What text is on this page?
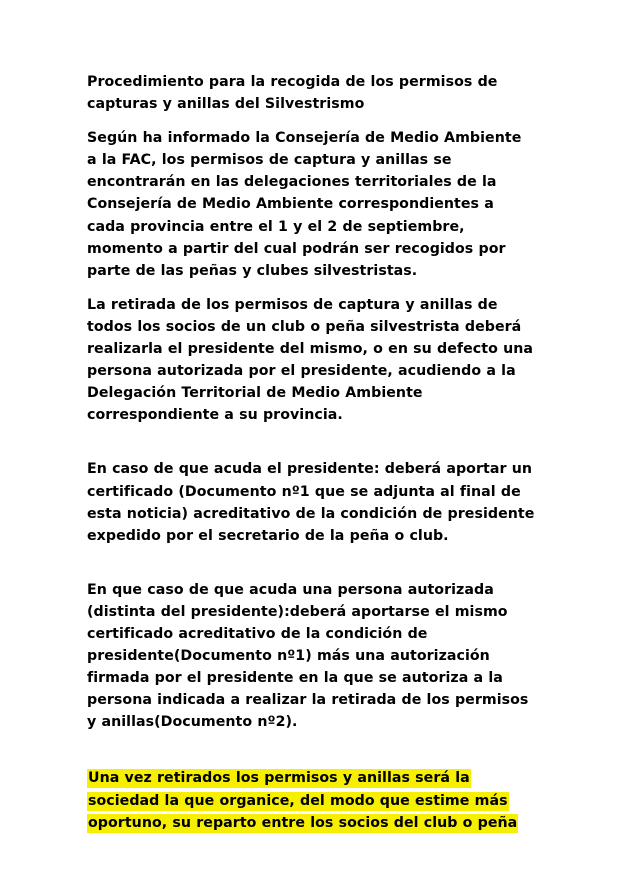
Procedimiento para la recogida de los permisos de capturas y anillas del Silvestrismo

Según ha informado la Consejería de Medio Ambiente a la FAC, los permisos de captura y anillas se encontrarán en las delegaciones territoriales de la Consejería de Medio Ambiente correspondientes a cada provincia entre el 1 y el 2 de septiembre, momento a partir del cual podrán ser recogidos por parte de las peñas y clubes silvestristas.

La retirada de los permisos de captura y anillas de todos los socios de un club o peña silvestrista deberá realizarla el presidente del mismo, o en su defecto una persona autorizada por el presidente, acudiendo a la Delegación Territorial de Medio Ambiente correspondiente a su provincia.

En caso de que acuda el presidente: deberá aportar un certificado (Documento nº1 que se adjunta al final de esta noticia) acreditativo de la condición de presidente expedido por el secretario de la peña o club.

En que caso de que acuda una persona autorizada (distinta del presidente):deberá aportarse el mismo certificado acreditativo de la condición de presidente(Documento nº1) más una autorización firmada por el presidente en la que se autoriza a la persona indicada a realizar la retirada de los permisos y anillas(Documento nº2).

Una vez retirados los permisos y anillas será la sociedad la que organice, del modo que estime más oportuno, su reparto entre los socios del club o peña
